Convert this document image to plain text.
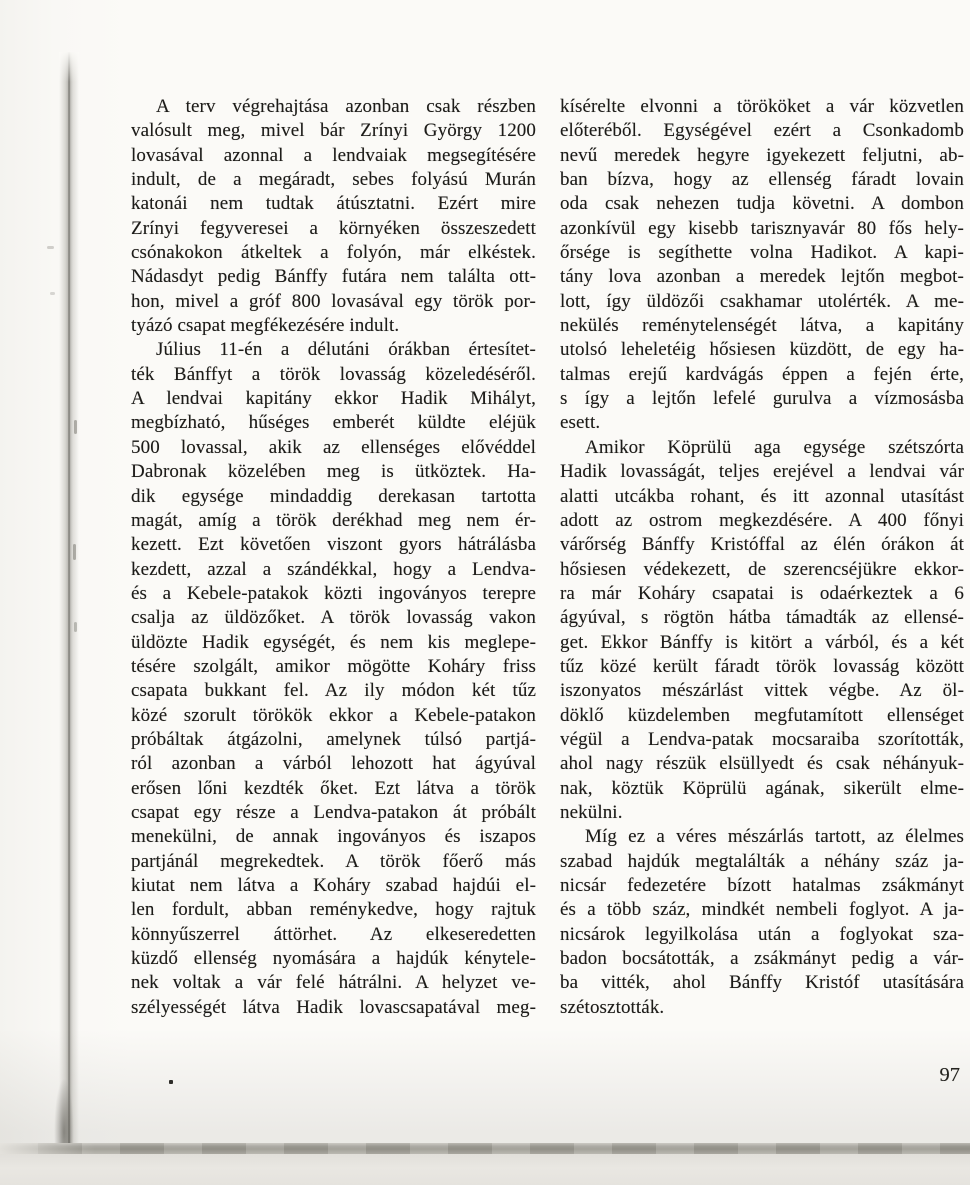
A terv végrehajtása azonban csak részben
valósult meg, mivel bár Zrínyi György 1200
lovasával azonnal a lendvaiak megsegítésére
indult, de a megáradt, sebes folyású Murán
katonái nem tudtak átúsztatni. Ezért mire
Zrínyi fegyveresei a környéken összeszedett
csónakokon átkeltek a folyón, már elkéstek.
Nádasdyt pedig Bánffy futára nem találta ott-
hon, mivel a gróf 800 lovasával egy török por-
tyázó csapat megfékezésére indult.
Július 11-én a délutáni órákban értesítet-
ték Bánffyt a török lovasság közeledéséről.
A lendvai kapitány ekkor Hadik Mihályt,
megbízható, hűséges emberét küldte eléjük
500 lovassal, akik az ellenséges elővéddel
Dabronak közelében meg is ütköztek. Ha-
dik egysége mindaddig derekasan tartotta
magát, amíg a török derékhad meg nem ér-
kezett. Ezt követően viszont gyors hátrálásba
kezdett, azzal a szándékkal, hogy a Lendva-
és a Kebele-patakok közti ingoványos terepre
csalja az üldözőket. A török lovasság vakon
üldözte Hadik egységét, és nem kis meglepe-
tésére szolgált, amikor mögötte Koháry friss
csapata bukkant fel. Az ily módon két tűz
közé szorult törökök ekkor a Kebele-patakon
próbáltak átgázolni, amelynek túlsó partjá-
ról azonban a várból lehozott hat ágyúval
erősen lőni kezdték őket. Ezt látva a török
csapat egy része a Lendva-patakon át próbált
menekülni, de annak ingoványos és iszapos
partjánál megrekedtek. A török főerő más
kiutat nem látva a Koháry szabad hajdúi el-
len fordult, abban reménykedve, hogy rajtuk
könnyűszerrel áttörhet. Az elkeseredetten
küzdő ellenség nyomására a hajdúk kénytele-
nek voltak a vár felé hátrálni. A helyzet ve-
szélyességét látva Hadik lovascsapatával meg-
kísérelte elvonni a törököket a vár közvetlen
előteréből. Egységével ezért a Csonkadomb
nevű meredek hegyre igyekezett feljutni, ab-
ban bízva, hogy az ellenség fáradt lovain
oda csak nehezen tudja követni. A dombon
azonkívül egy kisebb tarisznyavár 80 fős hely-
őrsége is segíthette volna Hadikot. A kapi-
tány lova azonban a meredek lejtőn megbot-
lott, így üldözői csakhamar utolérték. A me-
nekülés reménytelenségét látva, a kapitány
utolsó leheletéig hősiesen küzdött, de egy ha-
talmas erejű kardvágás éppen a fején érte,
s így a lejtőn lefelé gurulva a vízmosásba
esett.
Amikor Köprülü aga egysége szétszórta
Hadik lovasságát, teljes erejével a lendvai vár
alatti utcákba rohant, és itt azonnal utasítást
adott az ostrom megkezdésére. A 400 főnyi
várőrség Bánffy Kristóffal az élén órákon át
hősiesen védekezett, de szerencséjükre ekkor-
ra már Koháry csapatai is odaérkeztek a 6
ágyúval, s rögtön hátba támadták az ellensé-
get. Ekkor Bánffy is kitört a várból, és a két
tűz közé került fáradt török lovasság között
iszonyatos mészárlást vittek végbe. Az öl-
döklő küzdelemben megfutamított ellenséget
végül a Lendva-patak mocsaraiba szorították,
ahol nagy részük elsüllyedt és csak néhányuk-
nak, köztük Köprülü agának, sikerült elme-
nekülni.
Míg ez a véres mészárlás tartott, az élelmes
szabad hajdúk megtalálták a néhány száz ja-
nicsár fedezetére bízott hatalmas zsákmányt
és a több száz, mindkét nembeli foglyot. A ja-
nicsárok legyilkolása után a foglyokat sza-
badon bocsátották, a zsákmányt pedig a vár-
ba vitték, ahol Bánffy Kristóf utasítására
szétosztották.
97
